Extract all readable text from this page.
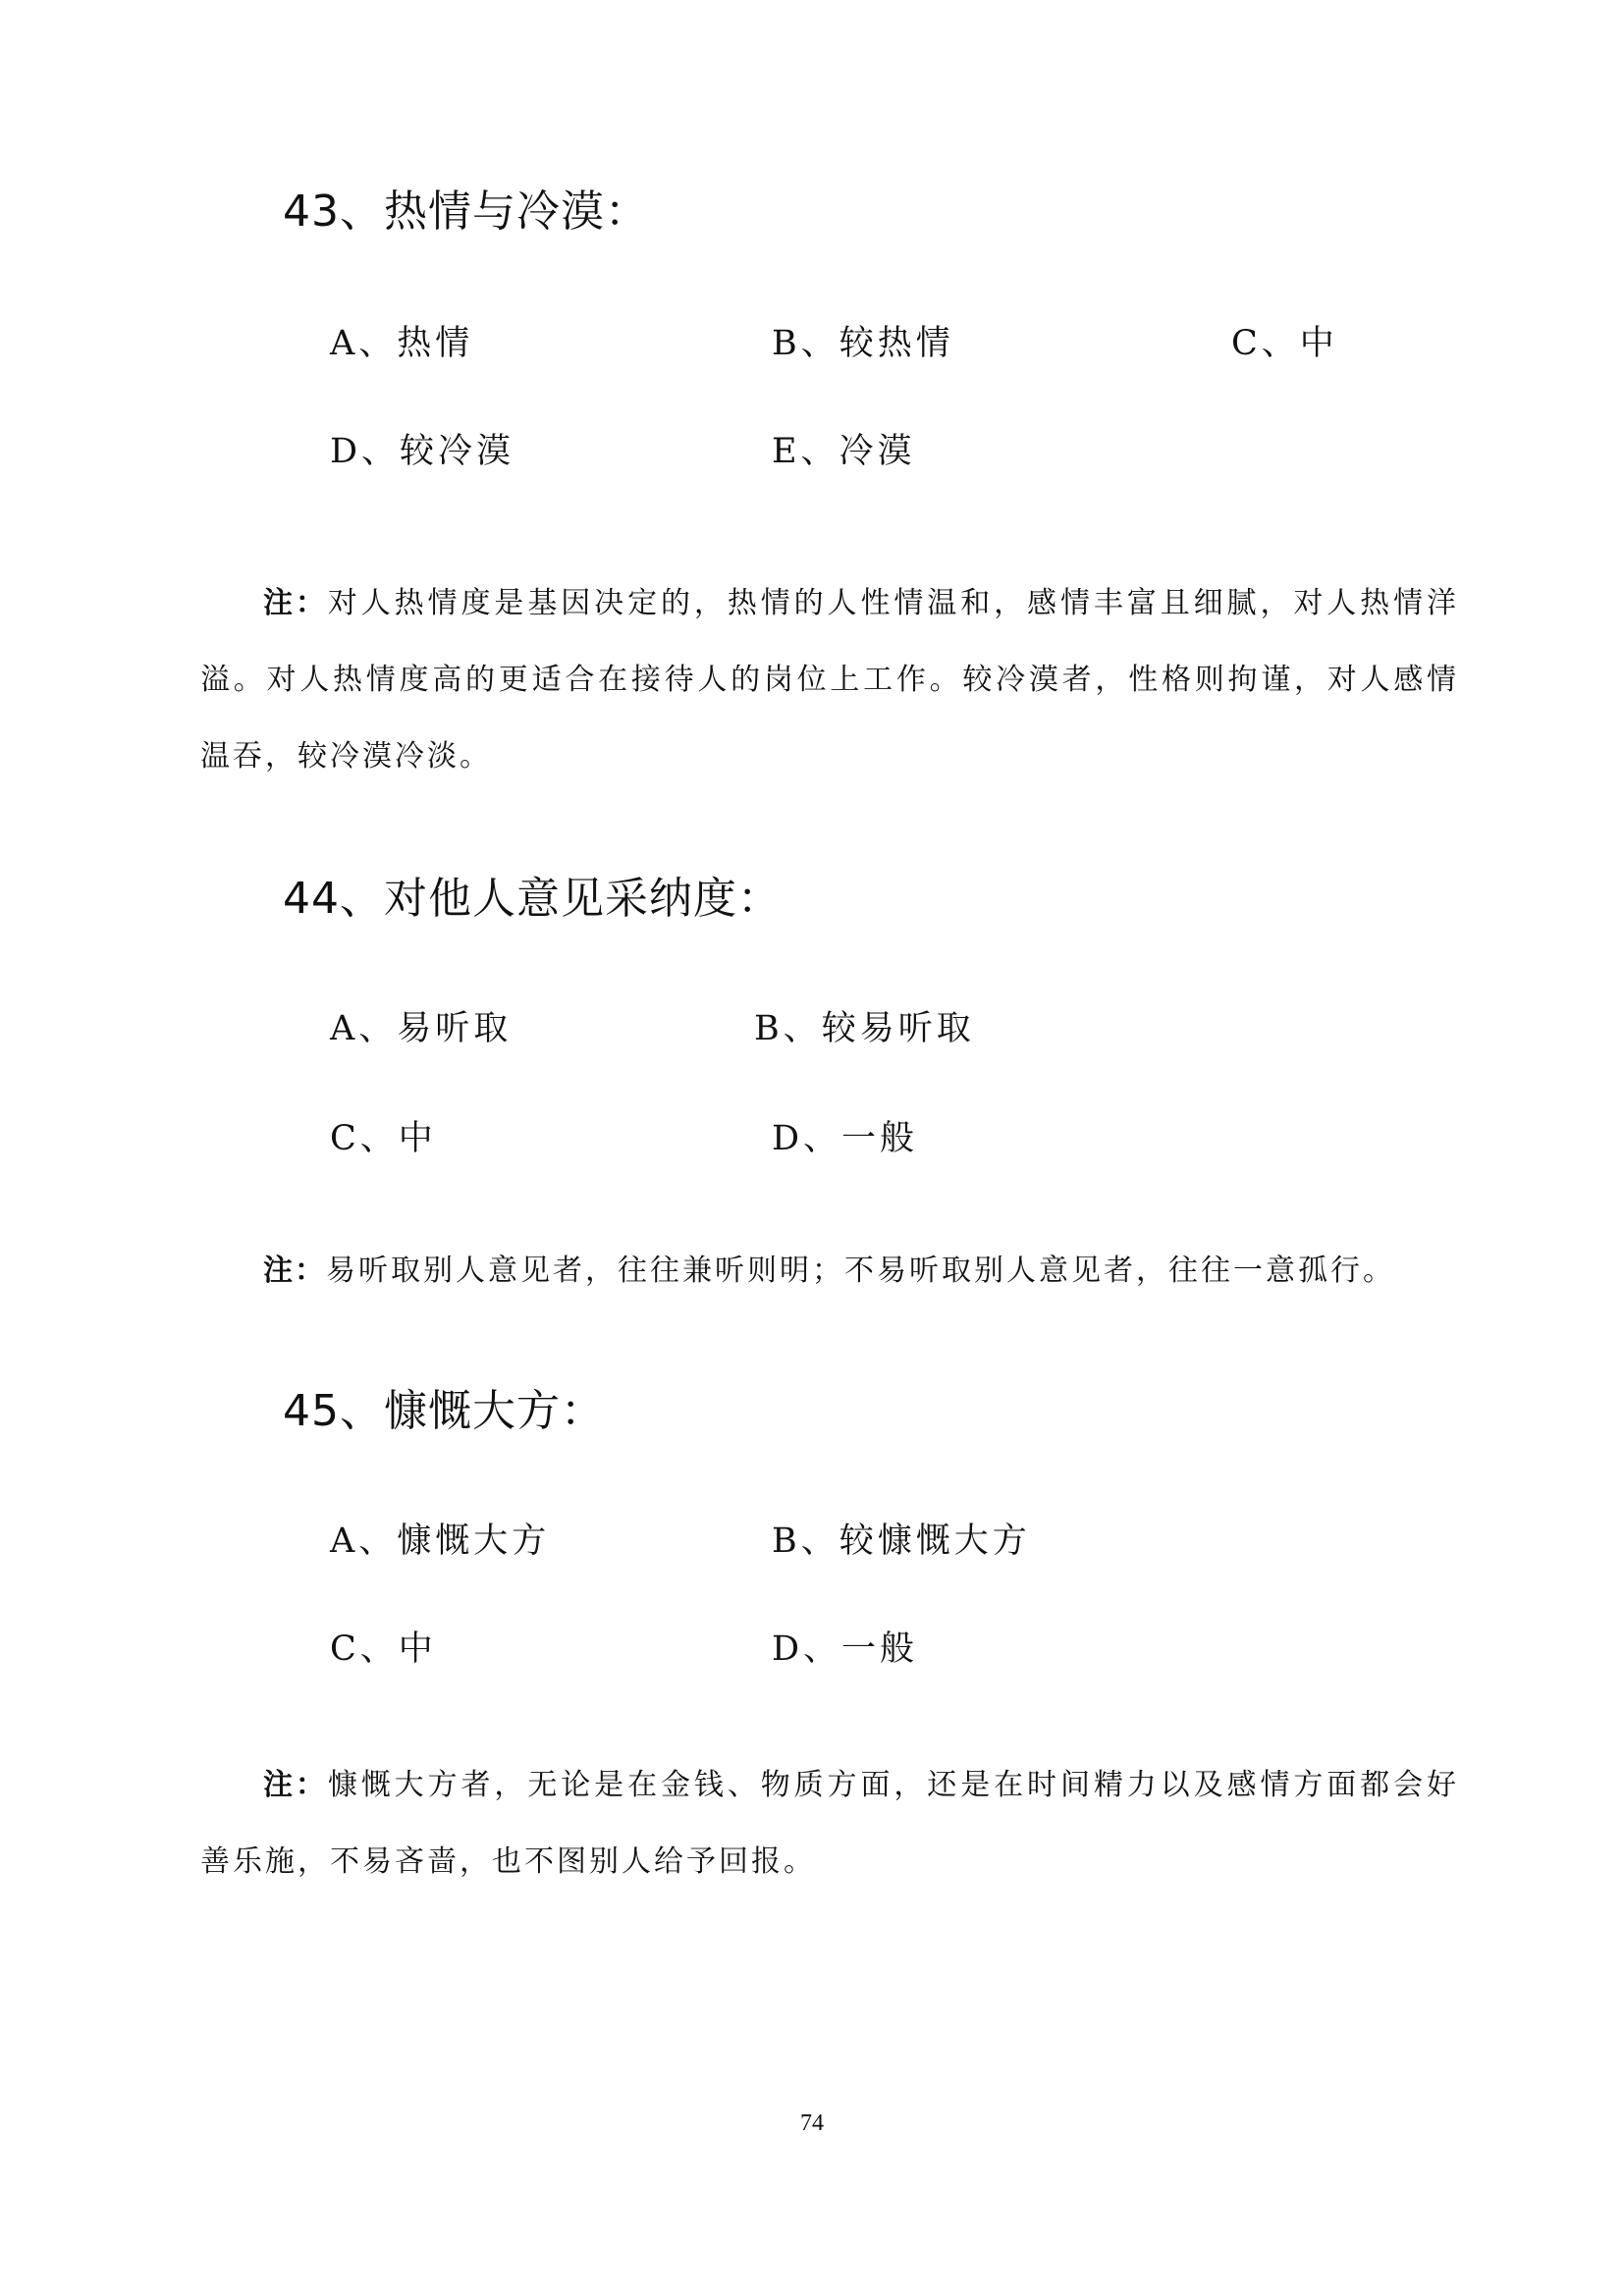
43、热情与冷漠：
A、热情	B、较热情	C、中
D、较冷漠	E、冷漠
注：对人热情度是基因决定的，热情的人性情温和，感情丰富且细腻，对人热情洋溢。对人热情度高的更适合在接待人的岗位上工作。较冷漠者，性格则拘谨，对人感情温吞，较冷漠冷淡。
44、对他人意见采纳度：
A、易听取	B、较易听取
C、中	D、一般
注：易听取别人意见者，往往兼听则明；不易听取别人意见者，往往一意孤行。
45、慷慨大方：
A、慷慨大方	B、较慷慨大方
C、中	D、一般
注：慷慨大方者，无论是在金钱、物质方面，还是在时间精力以及感情方面都会好善乐施，不易吝啬，也不图别人给予回报。
74
